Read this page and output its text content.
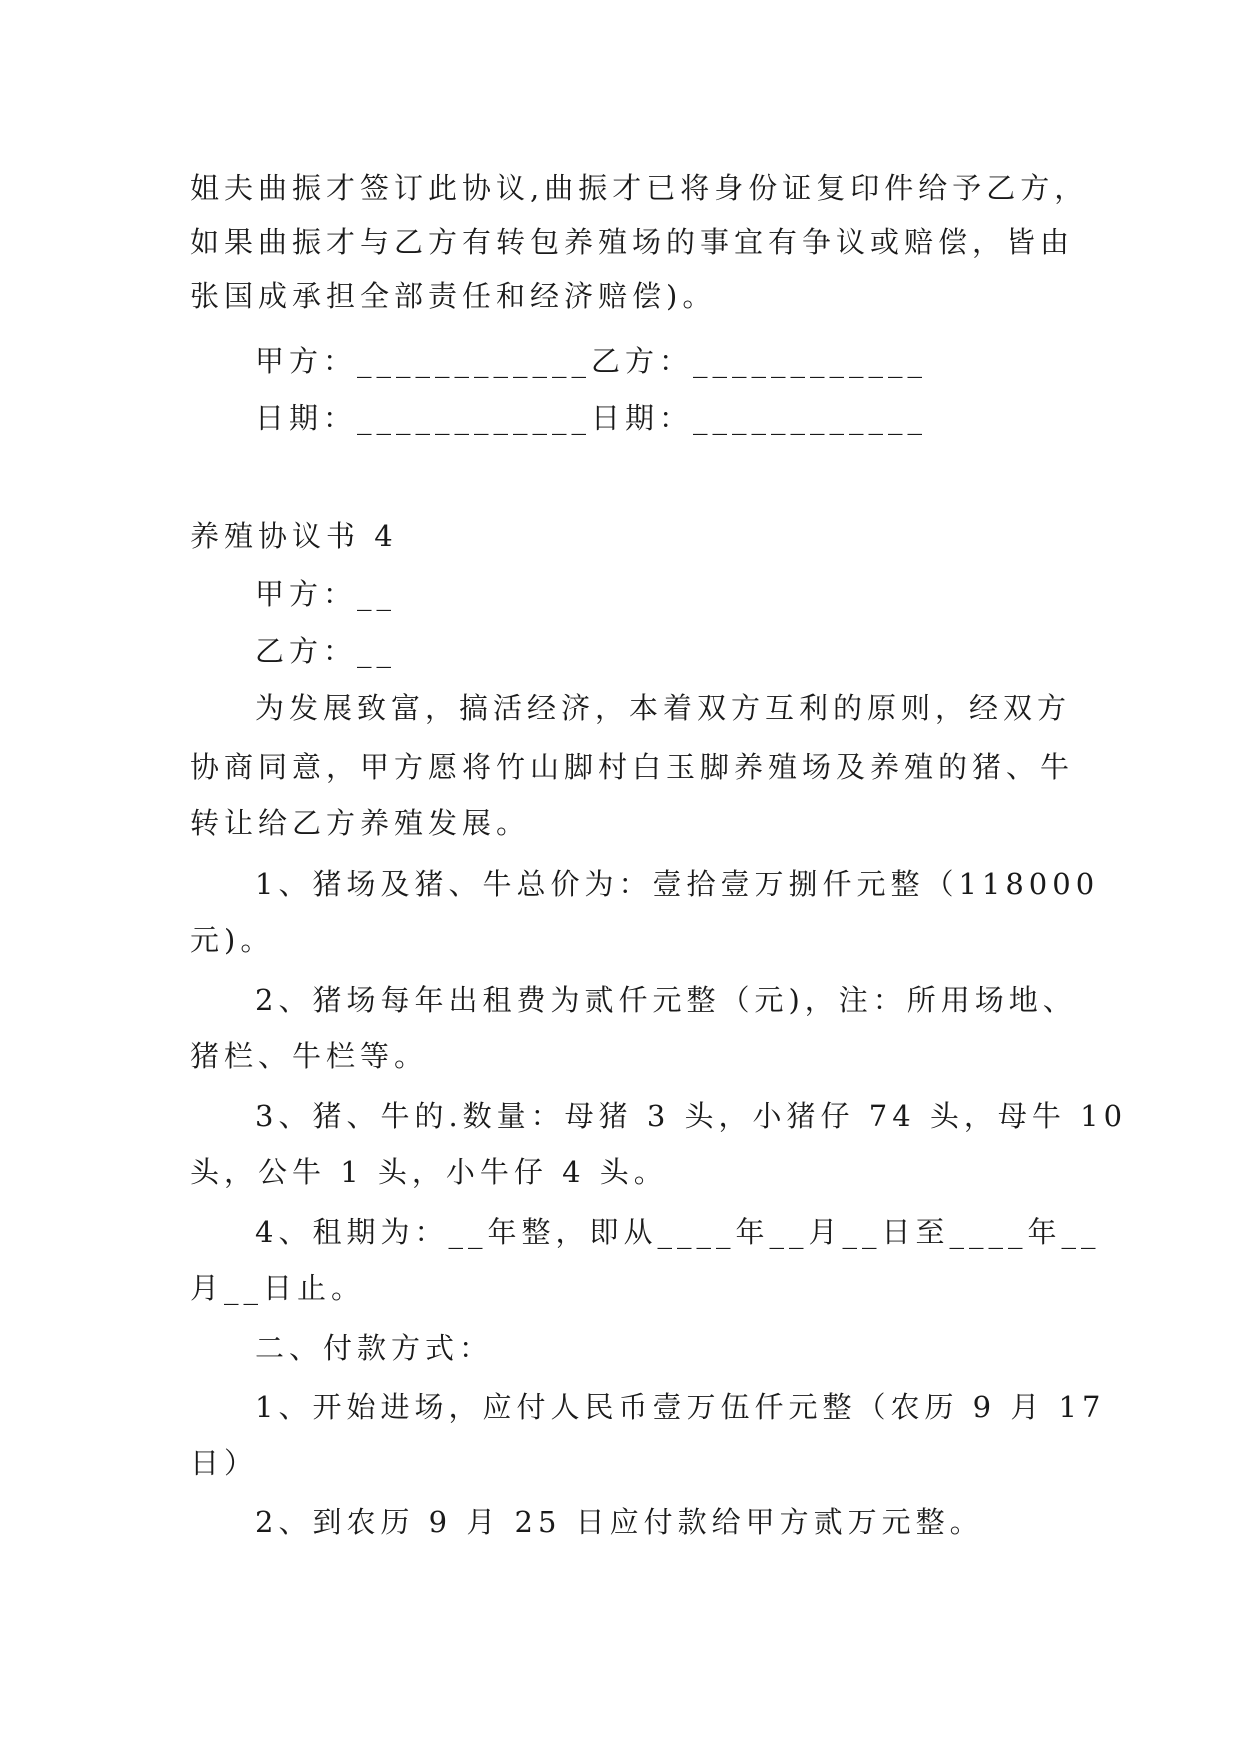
姐夫曲振才签订此协议,曲振才已将身份证复印件给予乙方，
如果曲振才与乙方有转包养殖场的事宜有争议或赔偿，皆由
张国成承担全部责任和经济赔偿)。
甲方：____________乙方：____________
日期：____________日期：____________
养殖协议书 4
甲方：__
乙方：__
为发展致富，搞活经济，本着双方互利的原则，经双方
协商同意，甲方愿将竹山脚村白玉脚养殖场及养殖的猪、牛
转让给乙方养殖发展。
1、猪场及猪、牛总价为：壹拾壹万捌仟元整（118000
元)。
2、猪场每年出租费为贰仟元整（元)，注：所用场地、
猪栏、牛栏等。
3、猪、牛的.数量：母猪 3 头，小猪仔 74 头，母牛 10
头，公牛 1 头，小牛仔 4 头。
4、租期为：__年整，即从____年__月__日至____年__
月__日止。
二、付款方式：
1、开始进场，应付人民币壹万伍仟元整（农历 9 月 17
日）
2、到农历 9 月 25 日应付款给甲方贰万元整。
